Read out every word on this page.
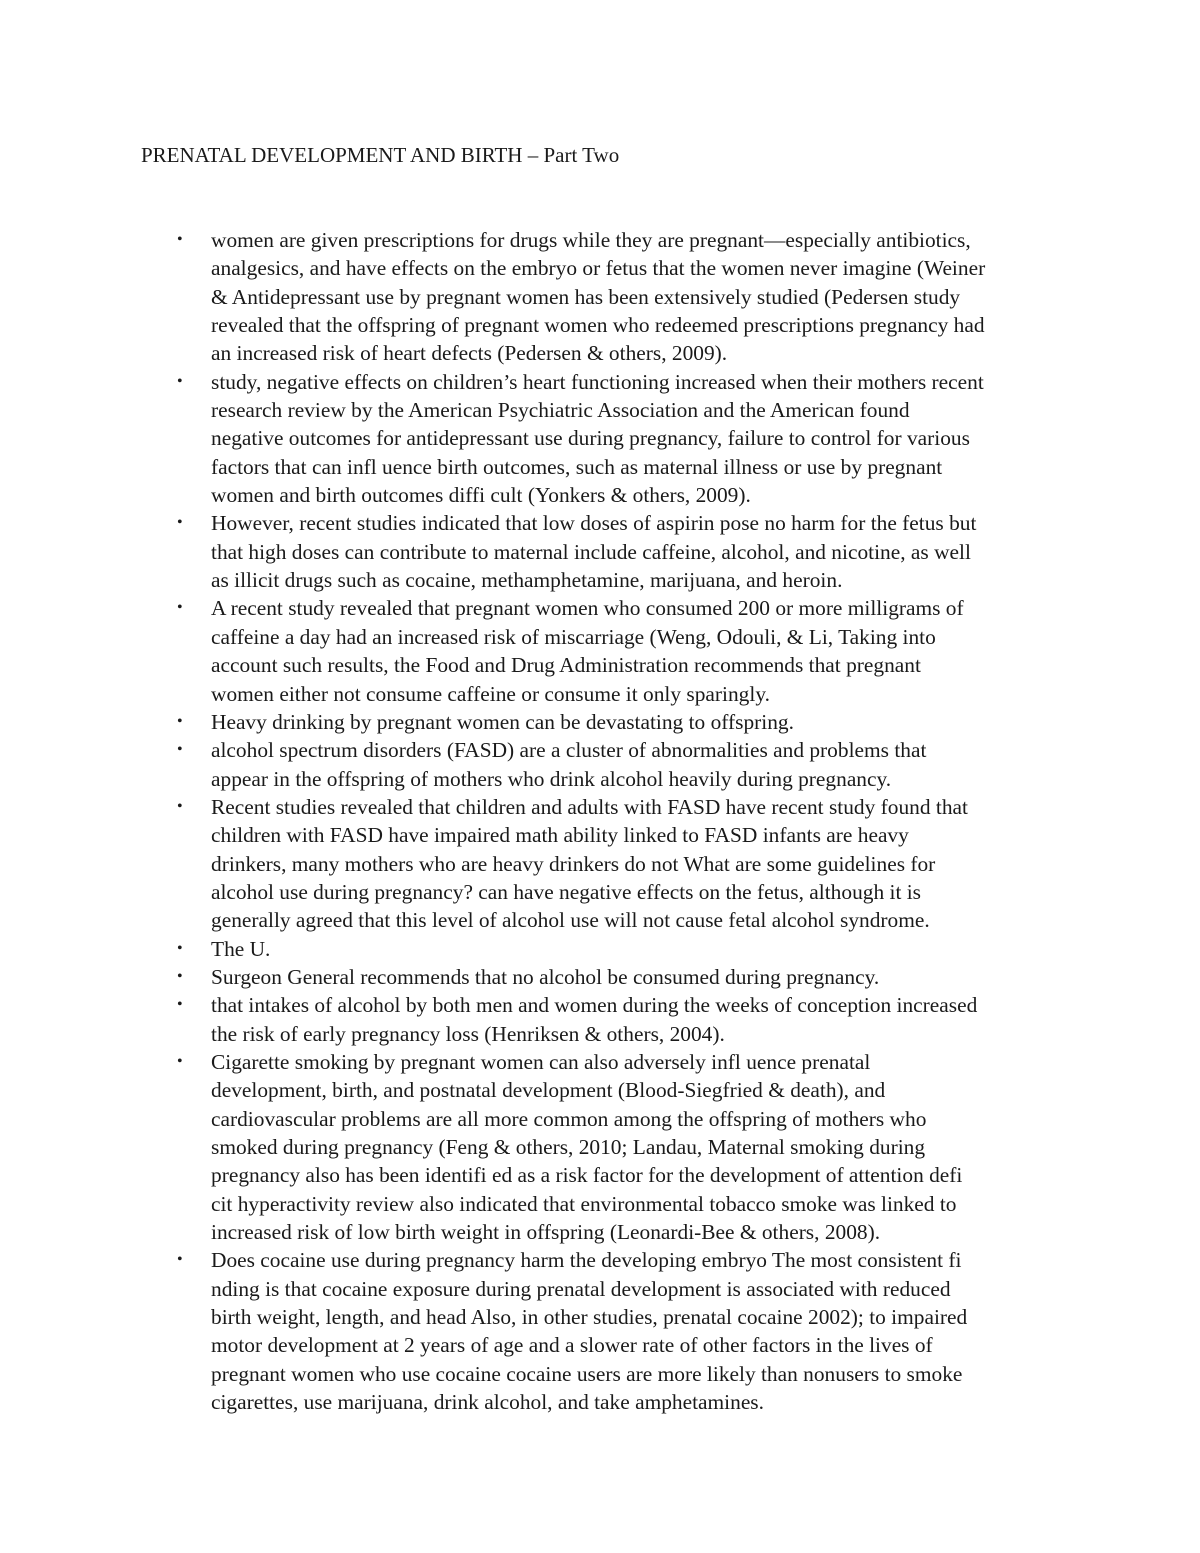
PRENATAL DEVELOPMENT AND BIRTH – Part Two
• women are given prescriptions for drugs while they are pregnant—especially antibiotics,
analgesics, and have effects on the embryo or fetus that the women never imagine (Weiner
& Antidepressant use by pregnant women has been extensively studied (Pedersen study
revealed that the offspring of pregnant women who redeemed prescriptions pregnancy had
an increased risk of heart defects (Pedersen & others, 2009).
• study, negative effects on children’s heart functioning increased when their mothers recent
research review by the American Psychiatric Association and the American found
negative outcomes for antidepressant use during pregnancy, failure to control for various
factors that can infl uence birth outcomes, such as maternal illness or use by pregnant
women and birth outcomes diffi cult (Yonkers & others, 2009).
• However, recent studies indicated that low doses of aspirin pose no harm for the fetus but
that high doses can contribute to maternal include caffeine, alcohol, and nicotine, as well
as illicit drugs such as cocaine, methamphetamine, marijuana, and heroin.
• A recent study revealed that pregnant women who consumed 200 or more milligrams of
caffeine a day had an increased risk of miscarriage (Weng, Odouli, & Li, Taking into
account such results, the Food and Drug Administration recommends that pregnant
women either not consume caffeine or consume it only sparingly.
• Heavy drinking by pregnant women can be devastating to offspring.
• alcohol spectrum disorders (FASD) are a cluster of abnormalities and problems that
appear in the offspring of mothers who drink alcohol heavily during pregnancy.
• Recent studies revealed that children and adults with FASD have recent study found that
children with FASD have impaired math ability linked to FASD infants are heavy
drinkers, many mothers who are heavy drinkers do not What are some guidelines for
alcohol use during pregnancy? can have negative effects on the fetus, although it is
generally agreed that this level of alcohol use will not cause fetal alcohol syndrome.
• The U.
• Surgeon General recommends that no alcohol be consumed during pregnancy.
• that intakes of alcohol by both men and women during the weeks of conception increased
the risk of early pregnancy loss (Henriksen & others, 2004).
• Cigarette smoking by pregnant women can also adversely infl uence prenatal
development, birth, and postnatal development (Blood-Siegfried & death), and
cardiovascular problems are all more common among the offspring of mothers who
smoked during pregnancy (Feng & others, 2010; Landau, Maternal smoking during
pregnancy also has been identifi ed as a risk factor for the development of attention defi
cit hyperactivity review also indicated that environmental tobacco smoke was linked to
increased risk of low birth weight in offspring (Leonardi-Bee & others, 2008).
• Does cocaine use during pregnancy harm the developing embryo The most consistent fi
nding is that cocaine exposure during prenatal development is associated with reduced
birth weight, length, and head Also, in other studies, prenatal cocaine 2002); to impaired
motor development at 2 years of age and a slower rate of other factors in the lives of
pregnant women who use cocaine cocaine users are more likely than nonusers to smoke
cigarettes, use marijuana, drink alcohol, and take amphetamines.
